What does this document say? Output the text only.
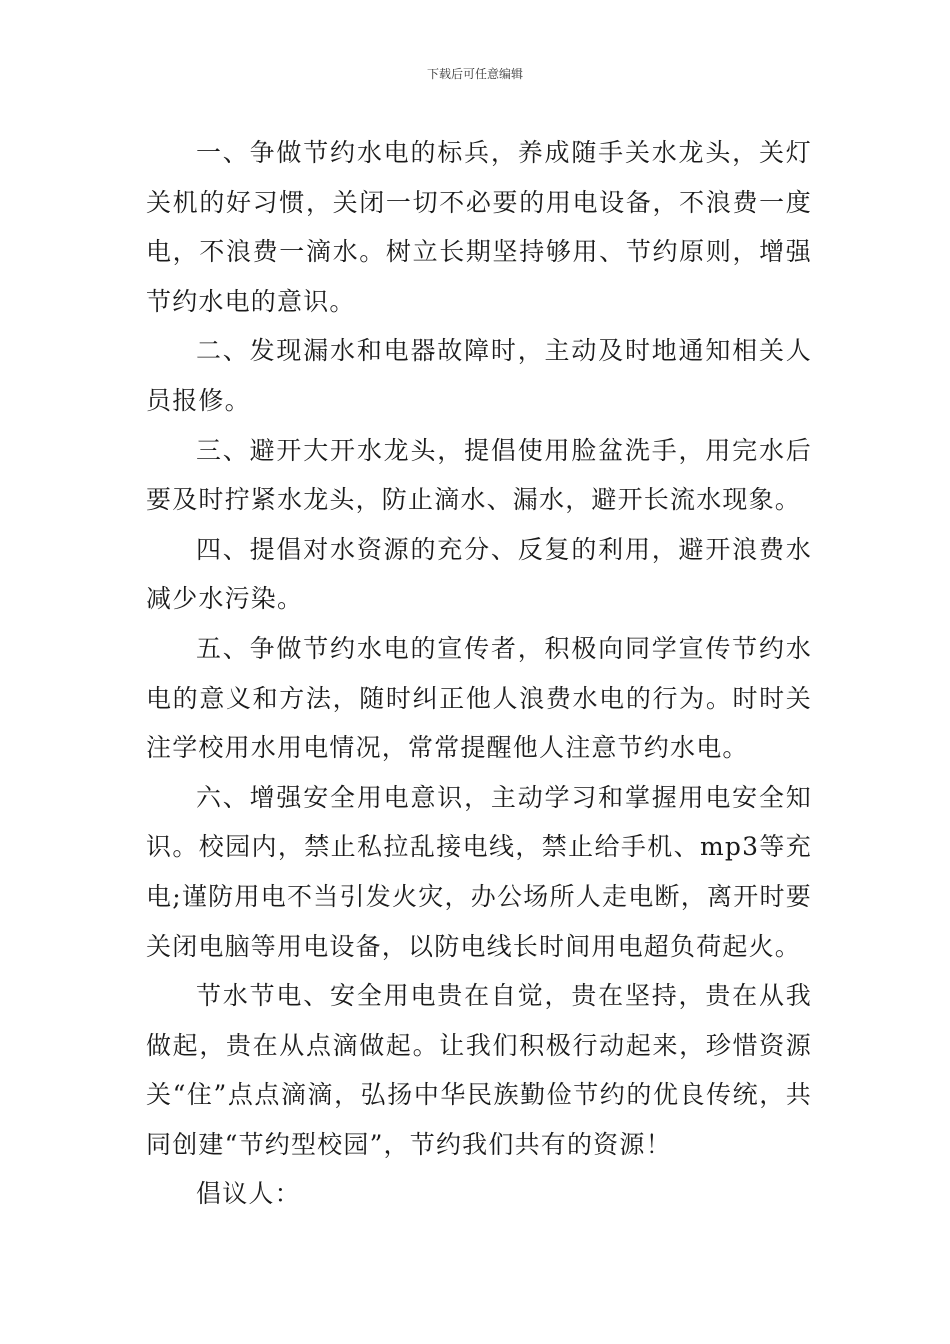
下载后可任意编辑

一、争做节约水电的标兵，养成随手关水龙头，关灯关机的好习惯，关闭一切不必要的用电设备，不浪费一度电，不浪费一滴水。树立长期坚持够用、节约原则，增强节约水电的意识。

二、发现漏水和电器故障时，主动及时地通知相关人员报修。

三、避开大开水龙头，提倡使用脸盆洗手，用完水后要及时拧紧水龙头，防止滴水、漏水，避开长流水现象。

四、提倡对水资源的充分、反复的利用，避开浪费水减少水污染。

五、争做节约水电的宣传者，积极向同学宣传节约水电的意义和方法，随时纠正他人浪费水电的行为。时时关注学校用水用电情况，常常提醒他人注意节约水电。

六、增强安全用电意识，主动学习和掌握用电安全知识。校园内，禁止私拉乱接电线，禁止给手机、mp3等充电;谨防用电不当引发火灾，办公场所人走电断，离开时要关闭电脑等用电设备，以防电线长时间用电超负荷起火。

节水节电、安全用电贵在自觉，贵在坚持，贵在从我做起，贵在从点滴做起。让我们积极行动起来，珍惜资源关“住”点点滴滴，弘扬中华民族勤俭节约的优良传统，共同创建“节约型校园”，节约我们共有的资源！

倡议人：
